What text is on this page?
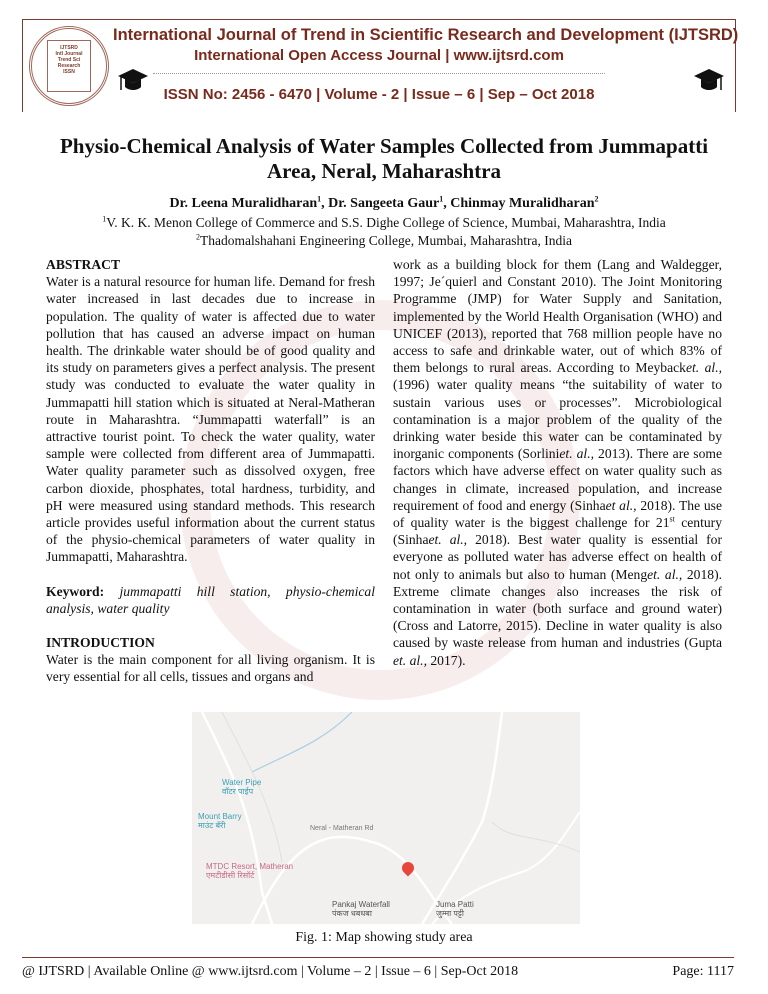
IJTSRD
Intl Journal
Trend Sci
Research
ISSN
International Journal of Trend in Scientific Research and Development (IJTSRD)
International Open Access Journal | www.ijtsrd.com
ISSN No: 2456 - 6470 | Volume - 2 | Issue – 6 | Sep – Oct 2018
Physio-Chemical Analysis of Water Samples Collected from Jummapatti Area, Neral, Maharashtra
Dr. Leena Muralidharan$^1$, Dr. Sangeeta Gaur$^1$, Chinmay Muralidharan$^2$
$^1$V. K. K. Menon College of Commerce and S.S. Dighe College of Science, Mumbai, Maharashtra, India
$^2$Thadomalshahani Engineering College, Mumbai, Maharashtra, India
ABSTRACT

Water is a natural resource for human life. Demand for fresh water increased in last decades due to increase in population. The quality of water is affected due to water pollution that has caused an adverse impact on human health. The drinkable water should be of good quality and its study on parameters gives a perfect analysis. The present study was conducted to evaluate the water quality in Jummapatti hill station which is situated at Neral-Matheran route in Maharashtra. “Jummapatti waterfall” is an attractive tourist point. To check the water quality, water sample were collected from different area of Jummapatti. Water quality parameter such as dissolved oxygen, free carbon dioxide, phosphates, total hardness, turbidity, and pH were measured using standard methods. This research article provides useful information about the current status of the physio-chemical parameters of water quality in Jummapatti, Maharashtra.

Keyword: jummapatti hill station, physio-chemical analysis, water quality

INTRODUCTION

Water is the main component for all living organism. It is very essential for all cells, tissues and organs and

work as a building block for them (Lang and Waldegger, 1997; Je´quierl and Constant 2010). The Joint Monitoring Programme (JMP) for Water Supply and Sanitation, implemented by the World Health Organisation (WHO) and UNICEF (2013), reported that 768 million people have no access to safe and drinkable water, out of which 83% of them belongs to rural areas. According to Meybacket. al., (1996) water quality means “the suitability of water to sustain various uses or processes”. Microbiological contamination is a major problem of the quality of the drinking water beside this water can be contaminated by inorganic components (Sorliniet. al., 2013). There are some factors which have adverse effect on water quality such as changes in climate, increased population, and increase requirement of food and energy (Sinhaet al., 2018). The use of quality water is the biggest challenge for 21st century (Sinhaet. al., 2018). Best water quality is essential for everyone as polluted water has adverse effect on health of not only to animals but also to human (Menget. al., 2018). Extreme climate changes also increases the risk of contamination in water (both surface and ground water) (Cross and Latorre, 2015). Decline in water quality is also caused by waste release from human and industries (Gupta et. al., 2017).

Water Pipe
वॉटर पाईप
Mount Barry
माउंट बॅरी
MTDC Resort, Matheran
एमटीडीसी रिसॉर्ट
Pankaj Waterfall
पंकज धबधबा
Juma Patti
जुम्मा पट्टी
Neral - Matheran Rd
Fig. 1: Map showing study area
@ IJTSRD | Available Online @ www.ijtsrd.com | Volume – 2 | Issue – 6 | Sep-Oct 2018	Page: 1117
